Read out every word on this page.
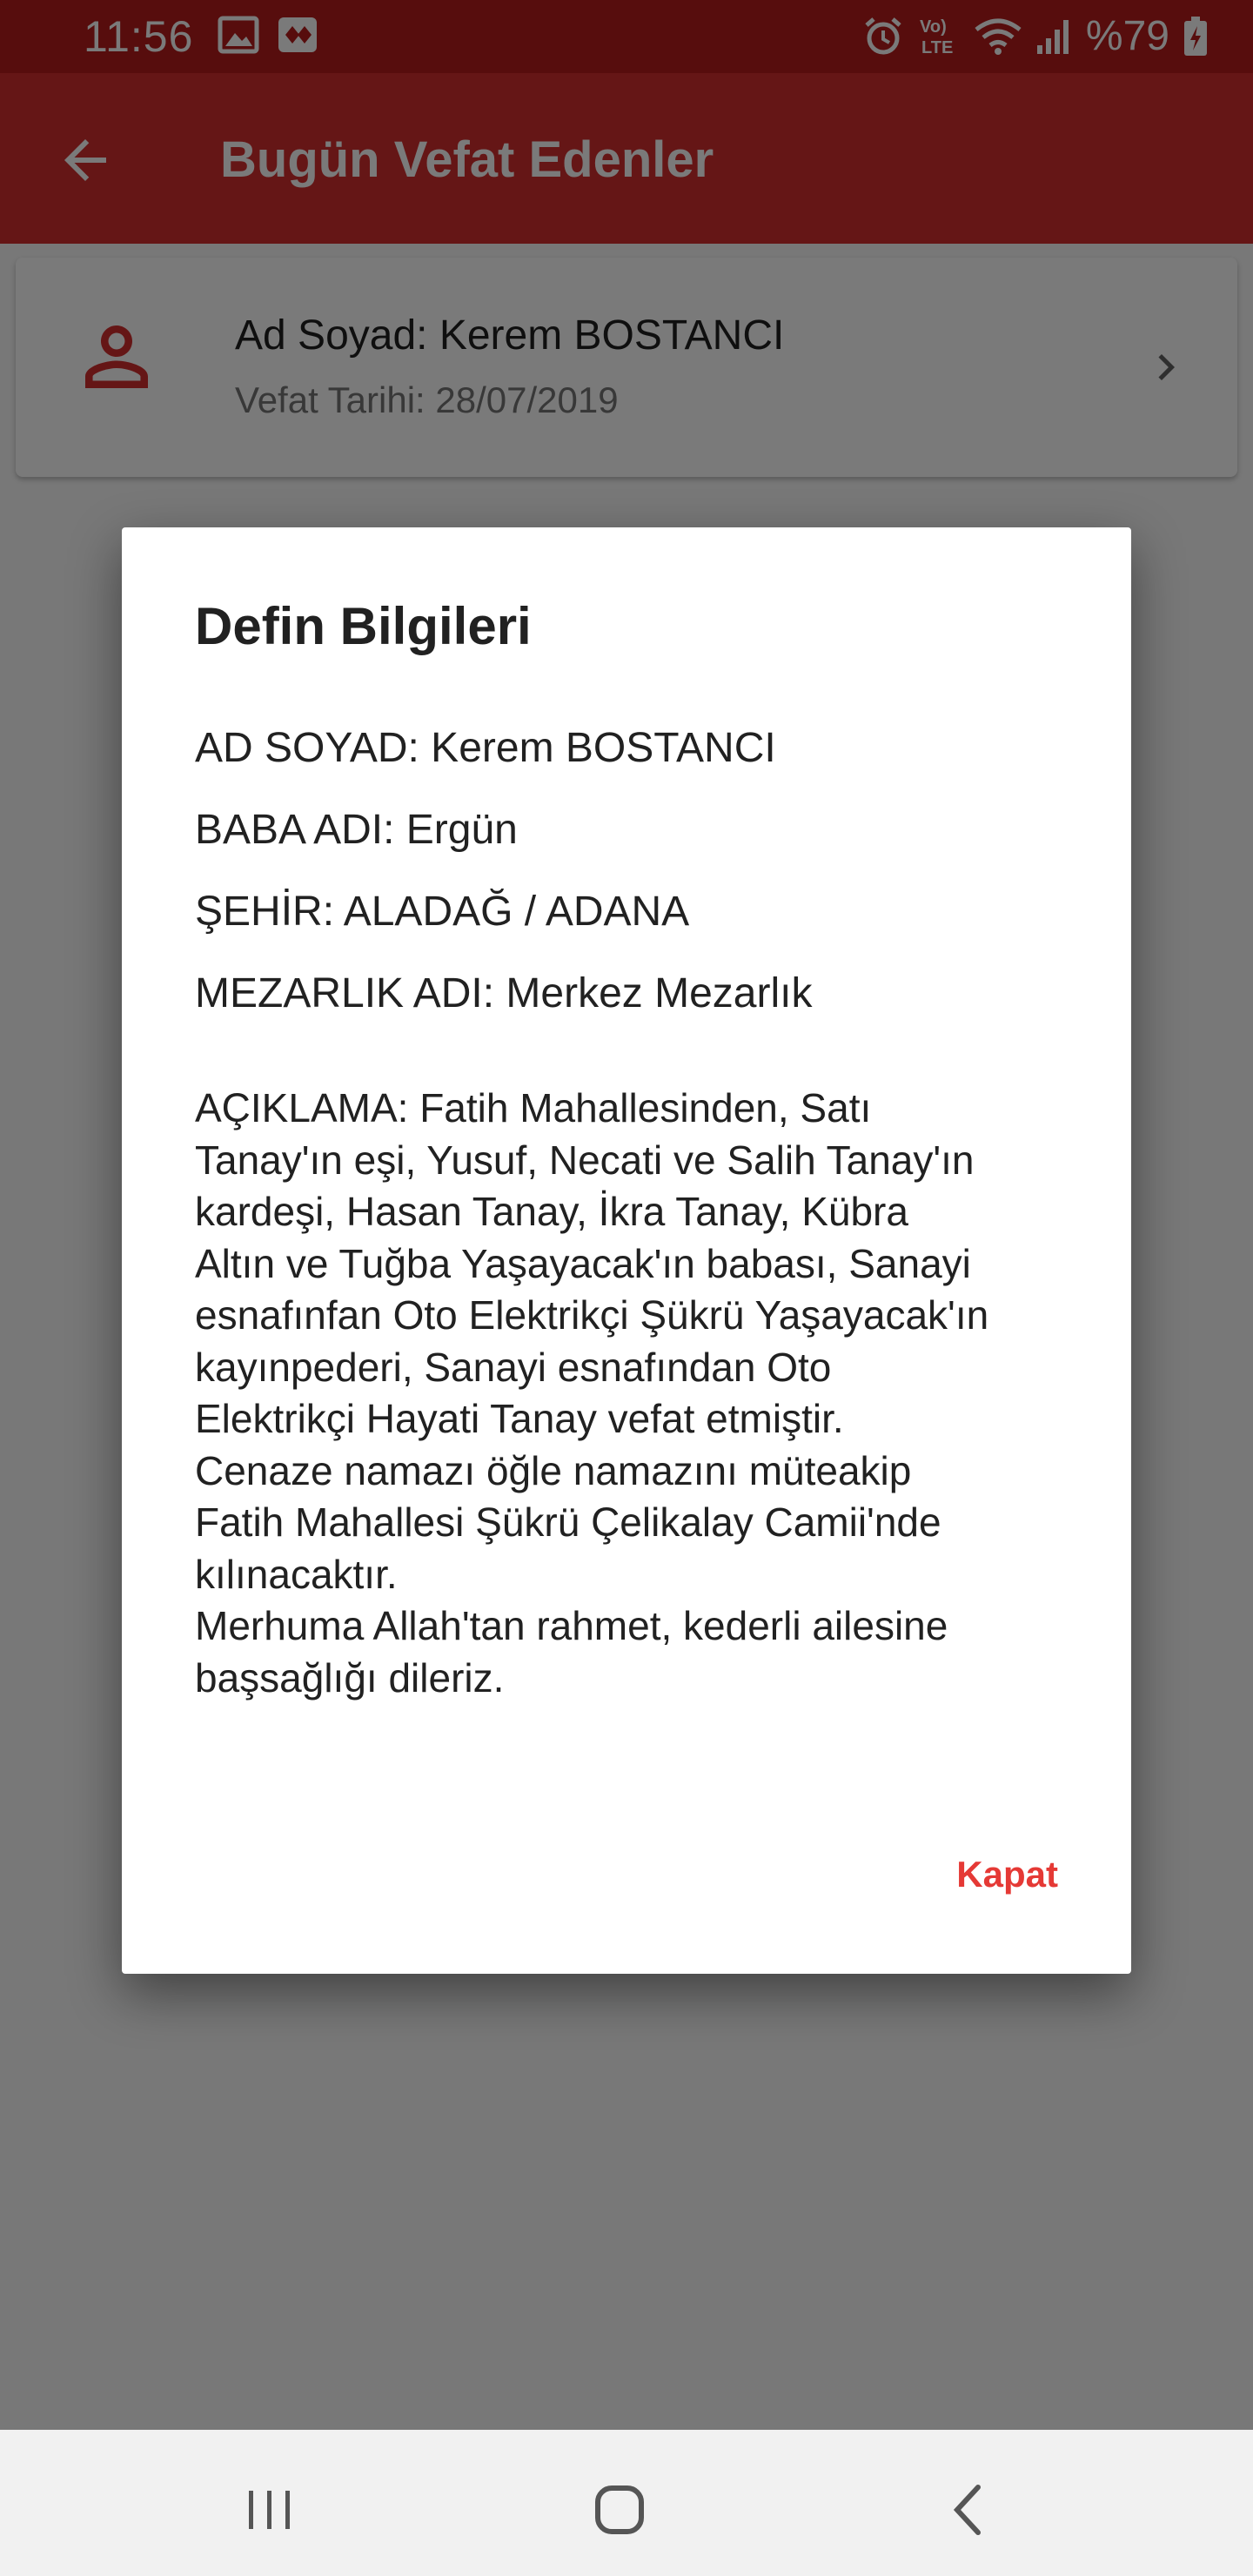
Defin Bilgileri
AD SOYAD: Kerem BOSTANCI
BABA ADI: Ergün
ŞEHİR: ALADAĞ / ADANA
MEZARLIK ADI: Merkez Mezarlık
AÇIKLAMA: Fatih Mahallesinden, Satı
Tanay'ın eşi, Yusuf, Necati ve Salih Tanay'ın
kardeşi, Hasan Tanay, İkra Tanay, Kübra
Altın ve Tuğba Yaşayacak'ın babası, Sanayi
esnafınfan Oto Elektrikçi Şükrü Yaşayacak'ın
kayınpederi, Sanayi esnafından Oto
Elektrikçi Hayati Tanay vefat etmiştir.
Cenaze namazı öğle namazını müteakip
Fatih Mahallesi Şükrü Çelikalay Camii'nde
kılınacaktır.
Merhuma Allah'tan rahmet, kederli ailesine
başsağlığı dileriz.
Kapat
